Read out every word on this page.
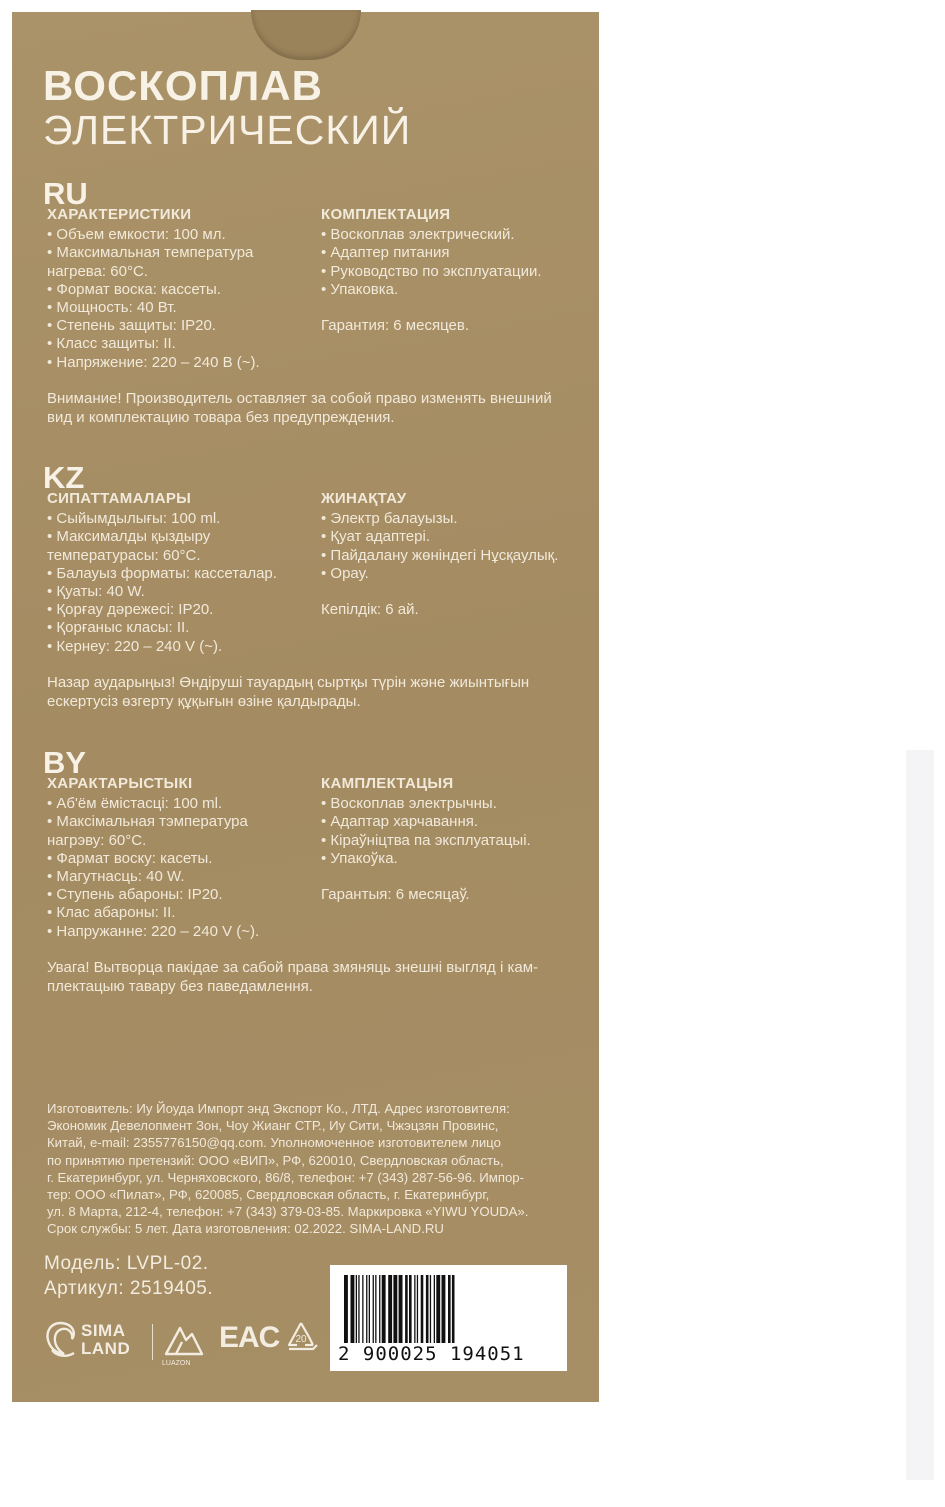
ВОСКОПЛАВ
ЭЛЕКТРИЧЕСКИЙ
RU
ХАРАКТЕРИСТИКИ
• Объем емкости: 100 мл.
• Максимальная температура
нагрева: 60°С.
• Формат воска: кассеты.
• Мощность: 40 Вт.
• Степень защиты: IP20.
• Класс защиты: II.
• Напряжение: 220 – 240 В (~).
КОМПЛЕКТАЦИЯ
• Воскоплав электрический.
• Адаптер питания
• Руководство по эксплуатации.
• Упаковка.
Гарантия: 6 месяцев.
Внимание! Производитель оставляет за собой право изменять внешний
вид и комплектацию товара без предупреждения.
KZ
СИПАТТАМАЛАРЫ
• Сыйымдылығы: 100 ml.
• Максималды қыздыру
температурасы: 60°С.
• Балауыз форматы: кассеталар.
• Қуаты: 40 W.
• Қорғау дәрежесі: IP20.
• Қорғаныс класы: II.
• Кернеу: 220 – 240 V (~).
ЖИНАҚТАУ
• Электр балауызы.
• Қуат адаптері.
• Пайдалану жөніндегі Нұсқаулық.
• Орау.
Кепілдік: 6 ай.
Назар аударыңыз! Өндіруші тауардың сыртқы түрін және жиынтығын
ескертусіз өзгерту құқығын өзіне қалдырады.
BY
ХАРАКТАРЫСТЫКІ
• Аб'ём ёмістасці: 100 ml.
• Максімальная тэмпература
нагрэву: 60°С.
• Фармат воску: касеты.
• Магутнасць: 40 W.
• Ступень абароны: IP20.
• Клас абароны: II.
• Напружанне: 220 – 240 V (~).
КАМПЛЕКТАЦЫЯ
• Воскоплав электрычны.
• Адаптар харчавання.
• Кіраўніцтва па эксплуатацыі.
• Упакоўка.
Гарантыя: 6 месяцаў.
Увага! Вытворца пакідае за сабой права змяняць знешні выгляд і кам-
плектацыю тавару без паведамлення.
Изготовитель: Иу Йоуда Импорт энд Экспорт Ко., ЛТД. Адрес изготовителя:
Экономик Девелопмент Зон, Чоу Жианг СТР., Иу Сити, Чжэцзян Провинс,
Китай, e-mail: 2355776150@qq.com. Уполномоченное изготовителем лицо
по принятию претензий: ООО «ВИП», РФ, 620010, Свердловская область,
г. Екатеринбург, ул. Черняховского, 86/8, телефон: +7 (343) 287-56-96. Импор-
тер: ООО «Пилат», РФ, 620085, Свердловская область, г. Екатеринбург,
ул. 8 Марта, 212-4, телефон: +7 (343) 379-03-85. Маркировка «YIWU YOUDA».
Срок службы: 5 лет. Дата изготовления: 02.2022. SIMA-LAND.RU
Модель: LVPL-02.
Артикул: 2519405.
2 900025 194051
SIMA
LAND
LUAZON
EAC 20
